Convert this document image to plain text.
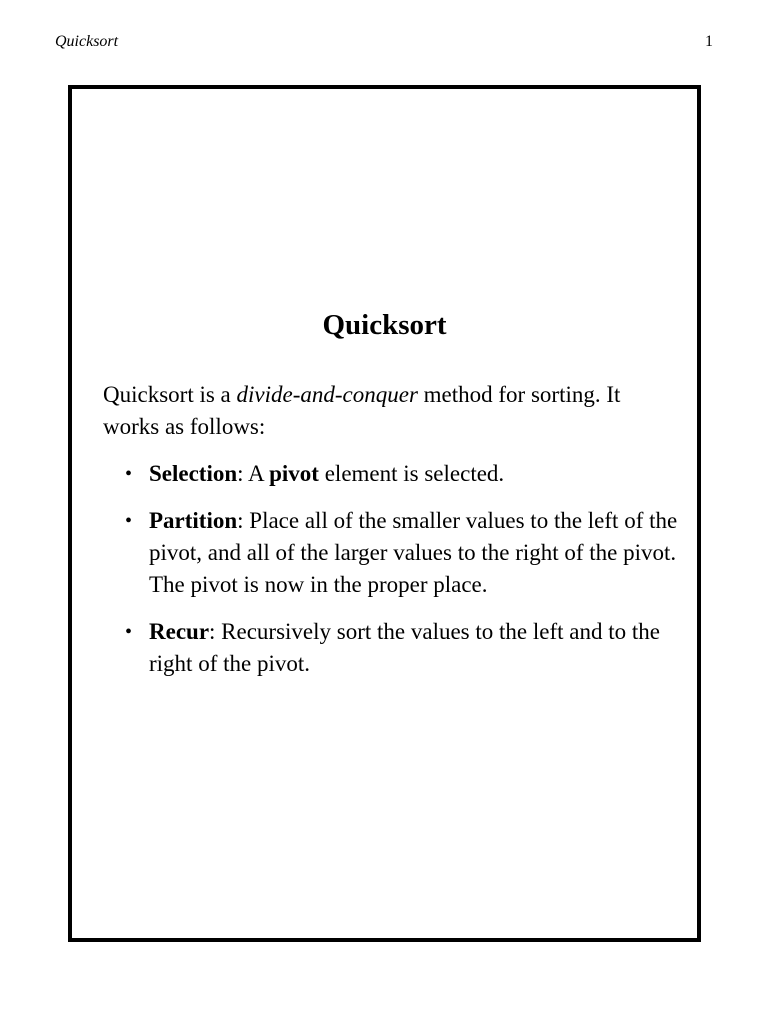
Quicksort	1
Quicksort

Quicksort is a divide-and-conquer method for sorting. It works as follows:

• Selection: A pivot element is selected.
• Partition: Place all of the smaller values to the left of the pivot, and all of the larger values to the right of the pivot. The pivot is now in the proper place.
• Recur: Recursively sort the values to the left and to the right of the pivot.
